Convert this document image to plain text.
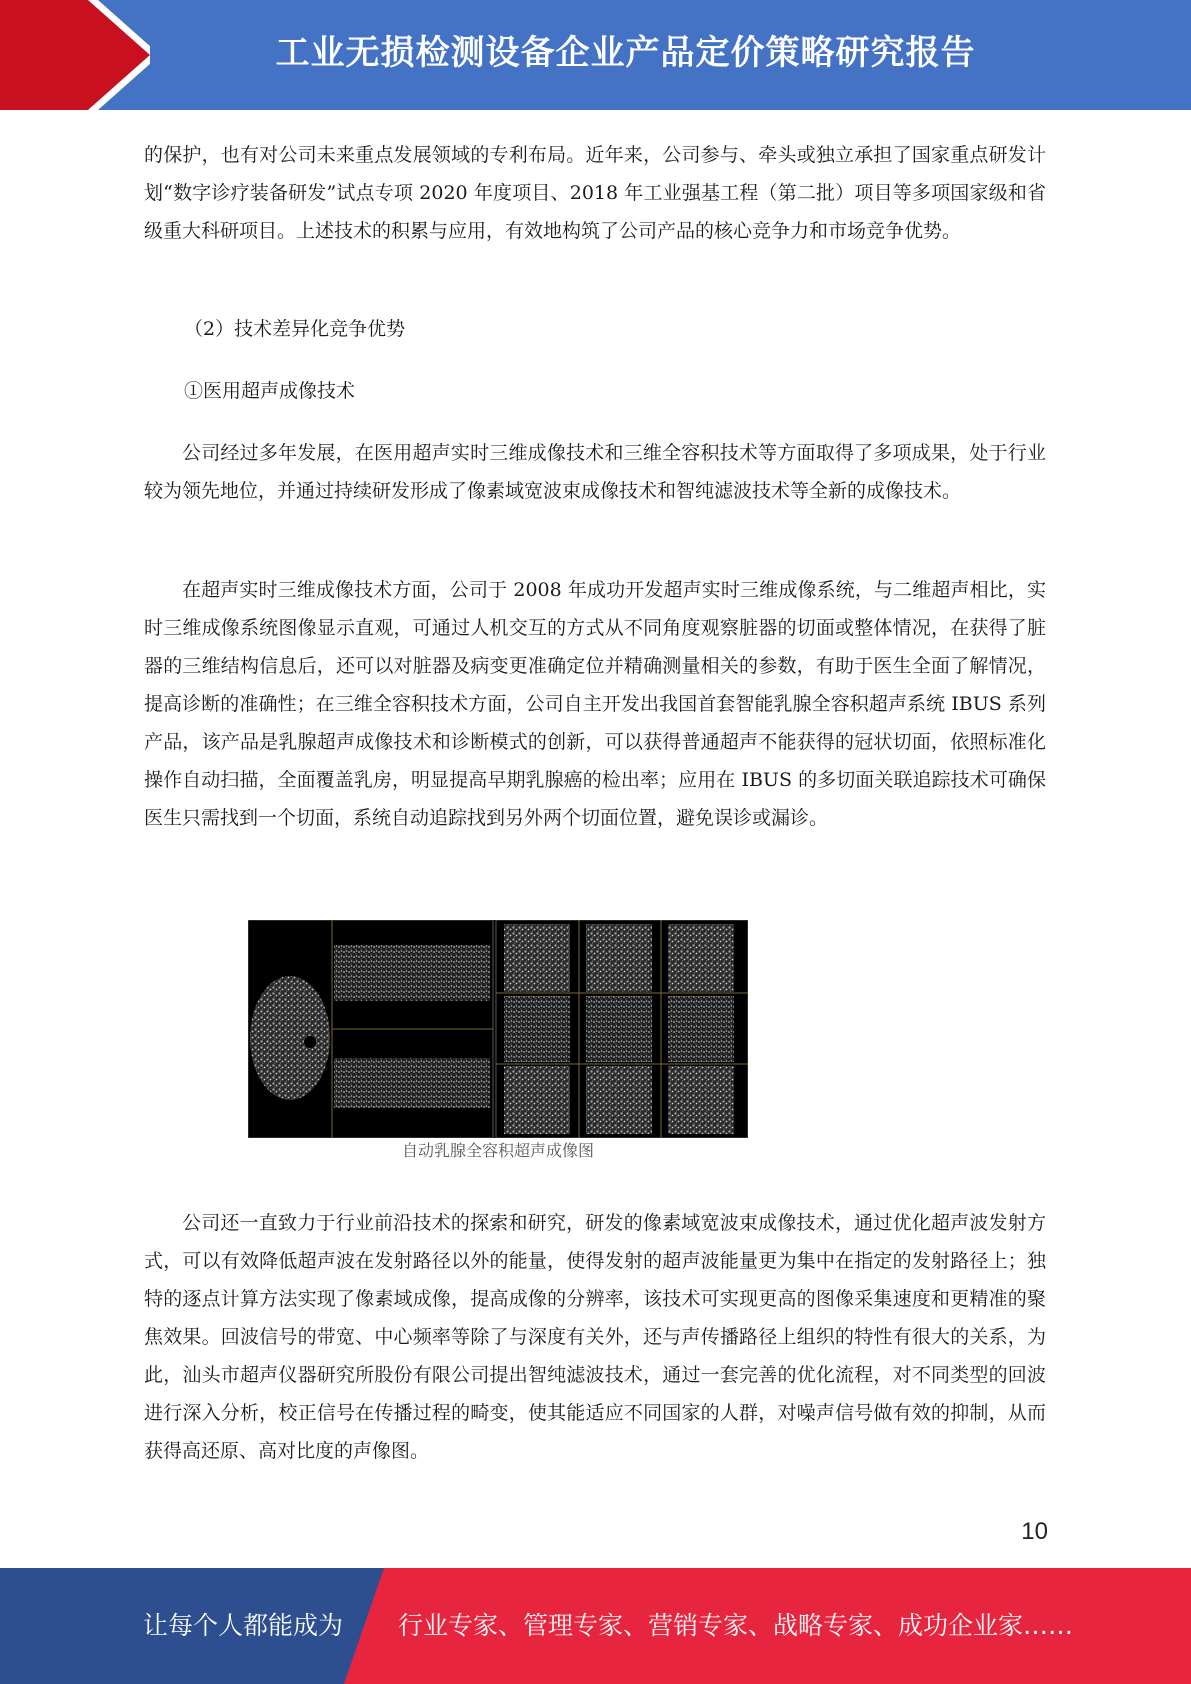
工业无损检测设备企业产品定价策略研究报告

的保护，也有对公司未来重点发展领域的专利布局。近年来，公司参与、牵头或独立承担了国家重点研发计划“数字诊疗装备研发”试点专项 2020 年度项目、2018 年工业强基工程（第二批）项目等多项国家级和省级重大科研项目。上述技术的积累与应用，有效地构筑了公司产品的核心竞争力和市场竞争优势。

（2）技术差异化竞争优势

①医用超声成像技术

公司经过多年发展，在医用超声实时三维成像技术和三维全容积技术等方面取得了多项成果，处于行业较为领先地位，并通过持续研发形成了像素域宽波束成像技术和智纯滤波技术等全新的成像技术。

在超声实时三维成像技术方面，公司于 2008 年成功开发超声实时三维成像系统，与二维超声相比，实时三维成像系统图像显示直观，可通过人机交互的方式从不同角度观察脏器的切面或整体情况，在获得了脏器的三维结构信息后，还可以对脏器及病变更准确定位并精确测量相关的参数，有助于医生全面了解情况，提高诊断的准确性；在三维全容积技术方面，公司自主开发出我国首套智能乳腺全容积超声系统 IBUS 系列产品，该产品是乳腺超声成像技术和诊断模式的创新，可以获得普通超声不能获得的冠状切面，依照标准化操作自动扫描，全面覆盖乳房，明显提高早期乳腺癌的检出率；应用在 IBUS 的多切面关联追踪技术可确保医生只需找到一个切面，系统自动追踪找到另外两个切面位置，避免误诊或漏诊。

自动乳腺全容积超声成像图

公司还一直致力于行业前沿技术的探索和研究，研发的像素域宽波束成像技术，通过优化超声波发射方式，可以有效降低超声波在发射路径以外的能量，使得发射的超声波能量更为集中在指定的发射路径上；独特的逐点计算方法实现了像素域成像，提高成像的分辨率，该技术可实现更高的图像采集速度和更精准的聚焦效果。回波信号的带宽、中心频率等除了与深度有关外，还与声传播路径上组织的特性有很大的关系，为此，汕头市超声仪器研究所股份有限公司提出智纯滤波技术，通过一套完善的优化流程，对不同类型的回波进行深入分析，校正信号在传播过程的畸变，使其能适应不同国家的人群，对噪声信号做有效的抑制，从而获得高还原、高对比度的声像图。

10
让每个人都能成为 行业专家、管理专家、营销专家、战略专家、成功企业家……
